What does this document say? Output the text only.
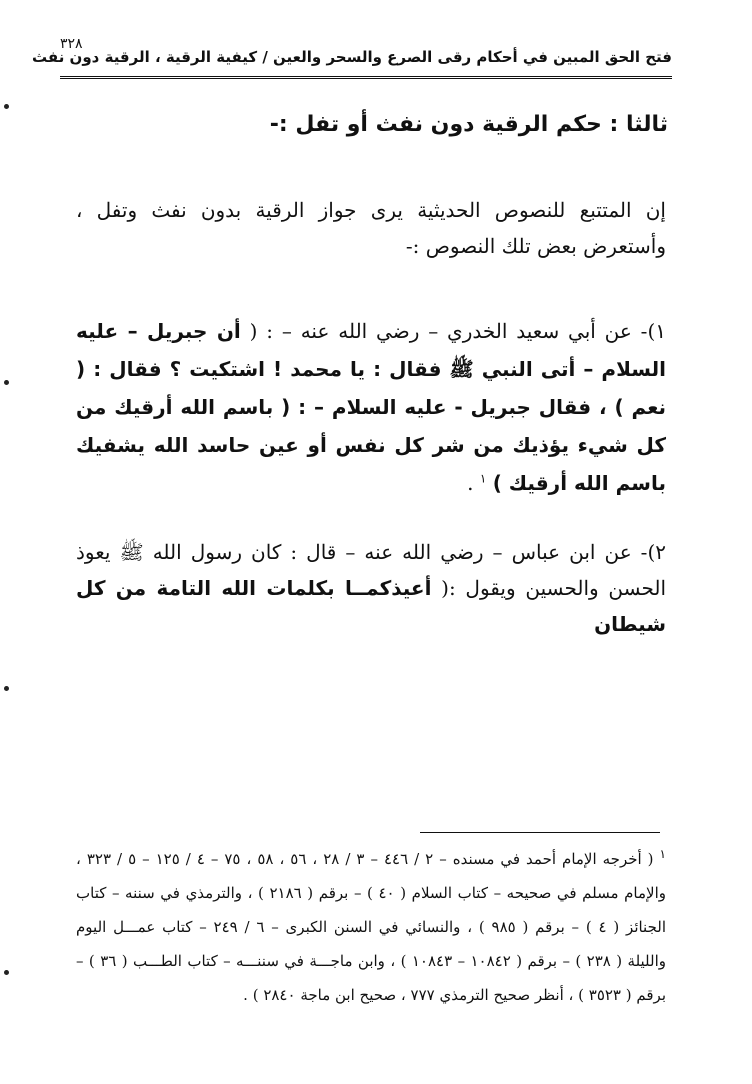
فتح الحق المبين في أحكام رقى الصرع والسحر والعين / كيفية الرقية ، الرقية دون نفث
٣٢٨
ثالثا : حكم الرقية دون نفث أو تفل :-
إن المتتبع للنصوص الحديثية يرى جواز الرقية بدون نفث وتفل ، وأستعرض بعض تلك النصوص :-
١)- عن أبي سعيد الخدري – رضي الله عنه – : ( أن جبريل – عليه السلام – أتى النبي ﷺ فقال : يا محمد ! اشتكيت ؟ فقال : ( نعم ) ، فقال جبريل - عليه السلام – : ( باسم الله أرقيك من كل شيء يؤذيك من شر كل نفس أو عين حاسد الله يشفيك باسم الله أرقيك ) $^١$ .
٢)- عن ابن عباس – رضي الله عنه – قال : كان رسول الله ﷺ يعوذ الحسن والحسين ويقول :( أعيذكمــا بكلمات الله التامة من كل شيطان
$^١$ ( أخرجه الإمام أحمد في مسنده – ٢ / ٤٤٦ – ٣ / ٢٨ ، ٥٦ ، ٥٨ ، ٧٥ – ٤ / ١٢٥ – ٥ / ٣٢٣ ، والإمام مسلم في صحيحه – كتاب السلام ( ٤٠ ) – برقم ( ٢١٨٦ ) ، والترمذي في سننه – كتاب الجنائز ( ٤ ) – برقم ( ٩٨٥ ) ، والنسائي في السنن الكبرى – ٦ / ٢٤٩ – كتاب عمـــل اليوم والليلة ( ٢٣٨ ) – برقم ( ١٠٨٤٢ – ١٠٨٤٣ ) ، وابن ماجـــة في سننـــه – كتاب الطـــب ( ٣٦ ) – برقم ( ٣٥٢٣ ) ، أنظر صحيح الترمذي ٧٧٧ ، صحيح ابن ماجة ٢٨٤٠ ) .
